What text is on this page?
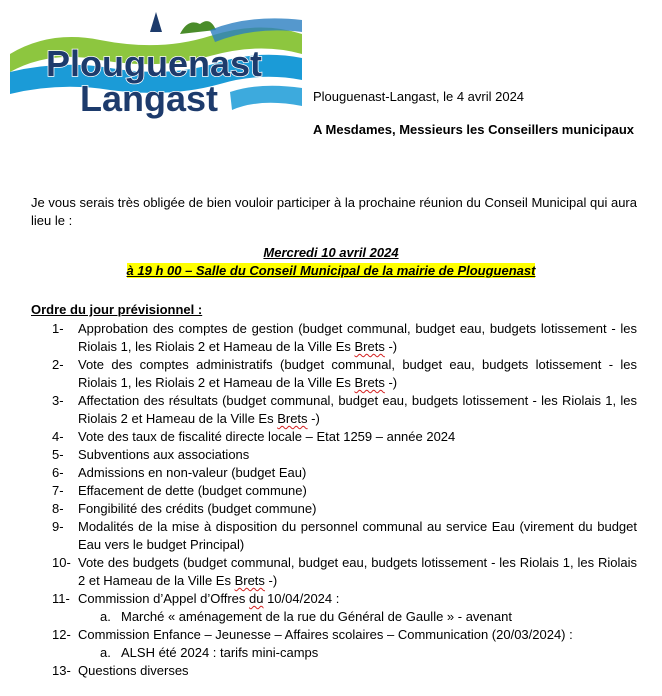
Plouguenast
Langast	Plouguenast-Langast, le 4 avril 2024
A Mesdames, Messieurs les Conseillers municipaux
Je vous serais très obligée de bien vouloir participer à la prochaine réunion du Conseil Municipal qui aura lieu le :
Mercredi 10 avril 2024
à 19 h 00 – Salle du Conseil Municipal de la mairie de Plouguenast
Ordre du jour prévisionnel :
1- Approbation des comptes de gestion (budget communal, budget eau, budgets lotissement - les Riolais 1, les Riolais 2 et Hameau de la Ville Es Brets -)
2- Vote des comptes administratifs (budget communal, budget eau, budgets lotissement - les Riolais 1, les Riolais 2 et Hameau de la Ville Es Brets -)
3- Affectation des résultats (budget communal, budget eau, budgets lotissement - les Riolais 1, les Riolais 2 et Hameau de la Ville Es Brets -)
4- Vote des taux de fiscalité directe locale – Etat 1259 – année 2024
5- Subventions aux associations
6- Admissions en non-valeur (budget Eau)
7- Effacement de dette (budget commune)
8- Fongibilité des crédits (budget commune)
9- Modalités de la mise à disposition du personnel communal au service Eau (virement du budget Eau vers le budget Principal)
10- Vote des budgets (budget communal, budget eau, budgets lotissement - les Riolais 1, les Riolais 2 et Hameau de la Ville Es Brets -)
11- Commission d’Appel d’Offres du 10/04/2024 :
a. Marché « aménagement de la rue du Général de Gaulle » - avenant
12- Commission Enfance – Jeunesse – Affaires scolaires – Communication (20/03/2024) :
a. ALSH été 2024 : tarifs mini-camps
13- Questions diverses
